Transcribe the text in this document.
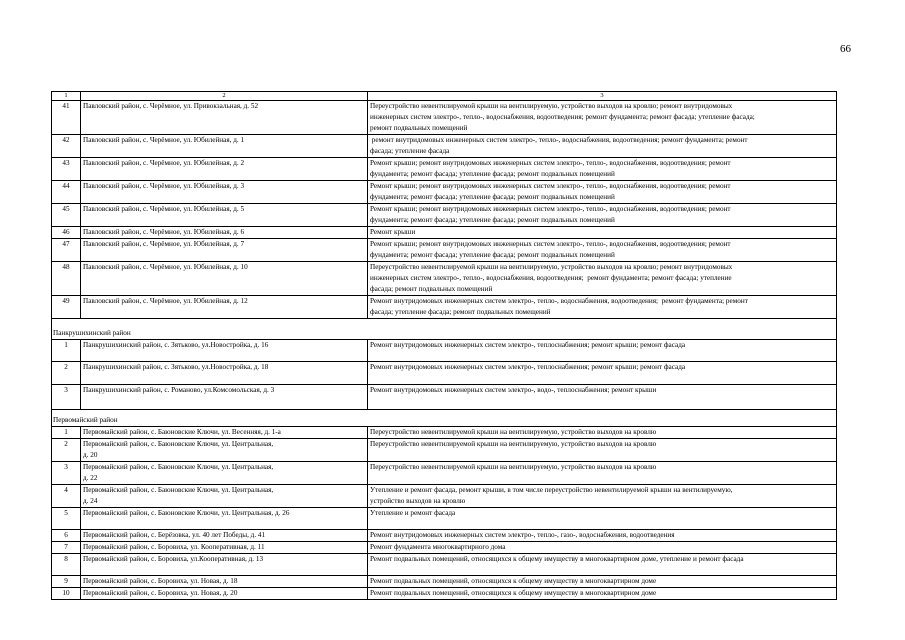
66
1	2	3
41	Павловский район, с. Черёмное, ул. Привокзальная, д. 52	Переустройство невентилируемой крыши на вентилируемую, устройство выходов на кровлю; ремонт внутридомовых
инженерных систем электро-, тепло-, водоснабжения, водоотведения; ремонт фундамента; ремонт фасада; утепление фасада;
ремонт подвальных помещений

42	Павловский район, с. Черёмное, ул. Юбилейная, д. 1	ремонт внутридомовых инженерных систем электро-, тепло-, водоснабжения, водоотведения; ремонт фундамента; ремонт
фасада; утепление фасада

43	Павловский район, с. Черёмное, ул. Юбилейная, д. 2	Ремонт крыши; ремонт внутридомовых инженерных систем электро-, тепло-, водоснабжения, водоотведения; ремонт
фундамента; ремонт фасада; утепление фасада; ремонт подвальных помещений

44	Павловский район, с. Черёмное, ул. Юбилейная, д. 3	Ремонт крыши; ремонт внутридомовых инженерных систем электро-, тепло-, водоснабжения, водоотведения; ремонт
фундамента; ремонт фасада; утепление фасада; ремонт подвальных помещений

45	Павловский район, с. Черёмное, ул. Юбилейная, д. 5	Ремонт крыши; ремонт внутридомовых инженерных систем электро-, тепло-, водоснабжения, водоотведения; ремонт
фундамента; ремонт фасада; утепление фасада; ремонт подвальных помещений

46	Павловский район, с. Черёмное, ул. Юбилейная, д. 6	Ремонт крыши

47	Павловский район, с. Черёмное, ул. Юбилейная, д. 7	Ремонт крыши; ремонт внутридомовых инженерных систем электро-, тепло-, водоснабжения, водоотведения; ремонт
фундамента; ремонт фасада; утепление фасада; ремонт подвальных помещений

48	Павловский район, с. Черёмное, ул. Юбилейная, д. 10	Переустройство невентилируемой крыши на вентилируемую, устройство выходов на кровлю; ремонт внутридомовых
инженерных систем электро-, тепло-, водоснабжения, водоотведения;  ремонт фундамента; ремонт фасада; утепление
фасада; ремонт подвальных помещений

49	Павловский район, с. Черёмное, ул. Юбилейная, д. 12	Ремонт внутридомовых инженерных систем электро-, тепло-, водоснабжения, водоотведения;  ремонт фундамента; ремонт
фасада; утепление фасада; ремонт подвальных помещений

Панкрушихинский район		
1	Панкрушихинский район, с. Зятьково, ул.Новостройка, д. 16	Ремонт внутридомовых инженерных систем электро-, теплоснабжения; ремонт крыши; ремонт фасада

2	Панкрушихинский район, с. Зятьково, ул.Новостройка, д. 18	Ремонт внутридомовых инженерных систем электро-, теплоснабжения; ремонт крыши; ремонт фасада

3	Панкрушихинский район, с. Романово, ул.Комсомольская, д. 3	Ремонт внутридомовых инженерных систем электро-, водо-, теплоснабжения; ремонт крыши

Первомайский район		
1	Первомайский район, с. Баюновские Ключи, ул. Весенняя, д. 1-а	Переустройство невентилируемой крыши на вентилируемую, устройство выходов на кровлю

2	Первомайский район, с. Баюновские Ключи, ул. Центральная,
д. 20	Переустройство невентилируемой крыши на вентилируемую, устройство выходов на кровлю

3	Первомайский район, с. Баюновские Ключи, ул. Центральная,
д. 22	Переустройство невентилируемой крыши на вентилируемую, устройство выходов на кровлю

4	Первомайский район, с. Баюновские Ключи, ул. Центральная,
д. 24	Утепление и ремонт фасада, ремонт крыши, в том числе переустройство невентилируемой крыши на вентилируемую,
устройство выходов на кровлю

5	Первомайский район, с. Баюновские Ключи, ул. Центральная, д. 26	Утепление и ремонт фасада

6	Первомайский район, с. Берёзовка, ул. 40 лет Победы, д. 41	Ремонт внутридомовых инженерных систем электро-, тепло-, газо-, водоснабжения, водоотведения

7	Первомайский район, с. Боровиха, ул. Кооперативная, д. 11	Ремонт фундамента многоквартирного дома

8	Первомайский район, с. Боровиха, ул.Кооперативная, д. 13	Ремонт подвальных помещений, относящихся к общему имуществу в многоквартирном доме, утепление и ремонт фасада

9	Первомайский район, с. Боровиха, ул. Новая, д. 18	Ремонт подвальных помещений, относящихся к общему имуществу в многоквартирном доме

10	Первомайский район, с. Боровиха, ул. Новая, д. 20	Ремонт подвальных помещений, относящихся к общему имуществу в многоквартирном доме
